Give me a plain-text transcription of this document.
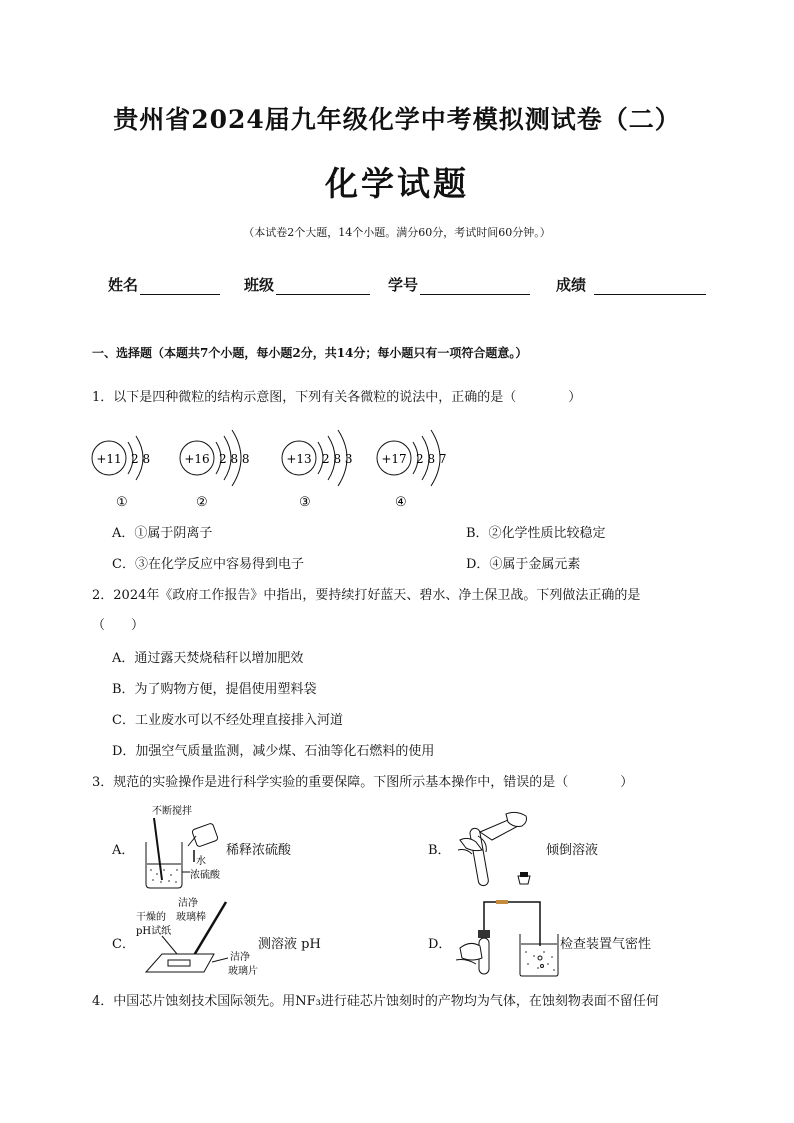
贵州省2024届九年级化学中考模拟测试卷（二）
化学试题
（本试卷2个大题，14个小题。满分60分，考试时间60分钟。）
姓名	班级	学号	成绩
一、选择题（本题共7个小题，每小题2分，共14分；每小题只有一项符合题意。）
1．以下是四种微粒的结构示意图，下列有关各微粒的说法中，正确的是（　　　　）
+11 2 8
①
+16 2 8 8
②
+13 2 8 3
③
+17 2 8 7
④
A．①属于阴离子	B．②化学性质比较稳定
C．③在化学反应中容易得到电子	D．④属于金属元素
2．2024年《政府工作报告》中指出，要持续打好蓝天、碧水、净土保卫战。下列做法正确的是
（　　）
A．通过露天焚烧秸秆以增加肥效
B．为了购物方便，提倡使用塑料袋
C．工业废水可以不经处理直接排入河道
D．加强空气质量监测，减少煤、石油等化石燃料的使用
3．规范的实验操作是进行科学实验的重要保障。下图所示基本操作中，错误的是（　　　　）
A．
不断搅拌
水
浓硫酸
稀释浓硫酸	B．	倾倒溶液
C．
干燥的
pH试纸
洁净
玻璃棒
洁净
玻璃片
测溶液 pH	D．	检查装置气密性
4．中国芯片蚀刻技术国际领先。用NF₃进行硅芯片蚀刻时的产物均为气体，在蚀刻物表面不留任何
